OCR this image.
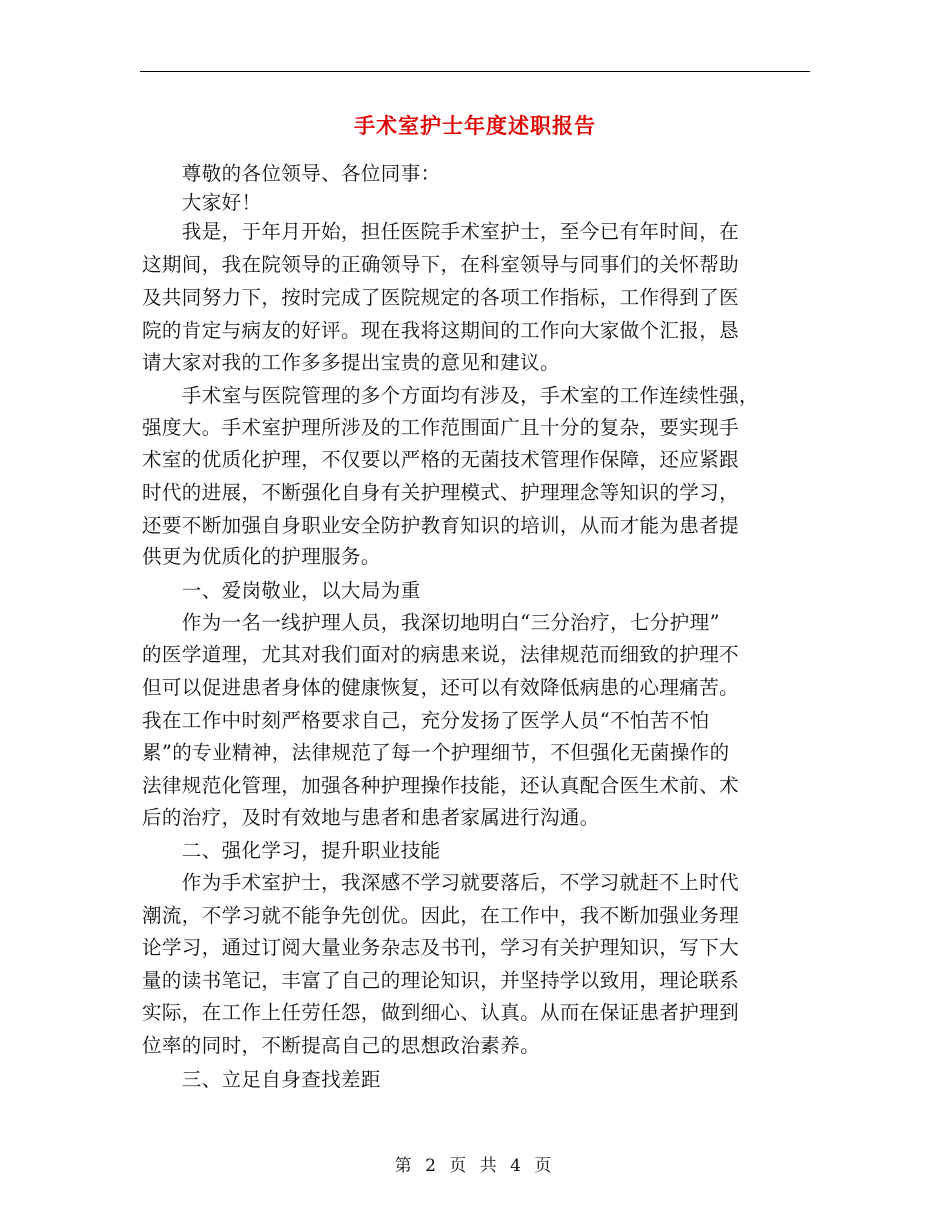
手术室护士年度述职报告
　　尊敬的各位领导、各位同事：
　　大家好！
　　我是，于年月开始，担任医院手术室护士，至今已有年时间，在
这期间，我在院领导的正确领导下，在科室领导与同事们的关怀帮助
及共同努力下，按时完成了医院规定的各项工作指标，工作得到了医
院的肯定与病友的好评。现在我将这期间的工作向大家做个汇报，恳
请大家对我的工作多多提出宝贵的意见和建议。
　　手术室与医院管理的多个方面均有涉及，手术室的工作连续性强，
强度大。手术室护理所涉及的工作范围面广且十分的复杂，要实现手
术室的优质化护理，不仅要以严格的无菌技术管理作保障，还应紧跟
时代的进展，不断强化自身有关护理模式、护理理念等知识的学习，
还要不断加强自身职业安全防护教育知识的培训，从而才能为患者提
供更为优质化的护理服务。
　　一、爱岗敬业，以大局为重
　　作为一名一线护理人员，我深切地明白“三分治疗，七分护理”
的医学道理，尤其对我们面对的病患来说，法律规范而细致的护理不
但可以促进患者身体的健康恢复，还可以有效降低病患的心理痛苦。
我在工作中时刻严格要求自己，充分发扬了医学人员“不怕苦不怕
累”的专业精神，法律规范了每一个护理细节，不但强化无菌操作的
法律规范化管理，加强各种护理操作技能，还认真配合医生术前、术
后的治疗，及时有效地与患者和患者家属进行沟通。
　　二、强化学习，提升职业技能
　　作为手术室护士，我深感不学习就要落后，不学习就赶不上时代
潮流，不学习就不能争先创优。因此，在工作中，我不断加强业务理
论学习，通过订阅大量业务杂志及书刊，学习有关护理知识，写下大
量的读书笔记，丰富了自己的理论知识，并坚持学以致用，理论联系
实际，在工作上任劳任怨，做到细心、认真。从而在保证患者护理到
位率的同时，不断提高自己的思想政治素养。
　　三、立足自身查找差距
第 2 页 共 4 页
